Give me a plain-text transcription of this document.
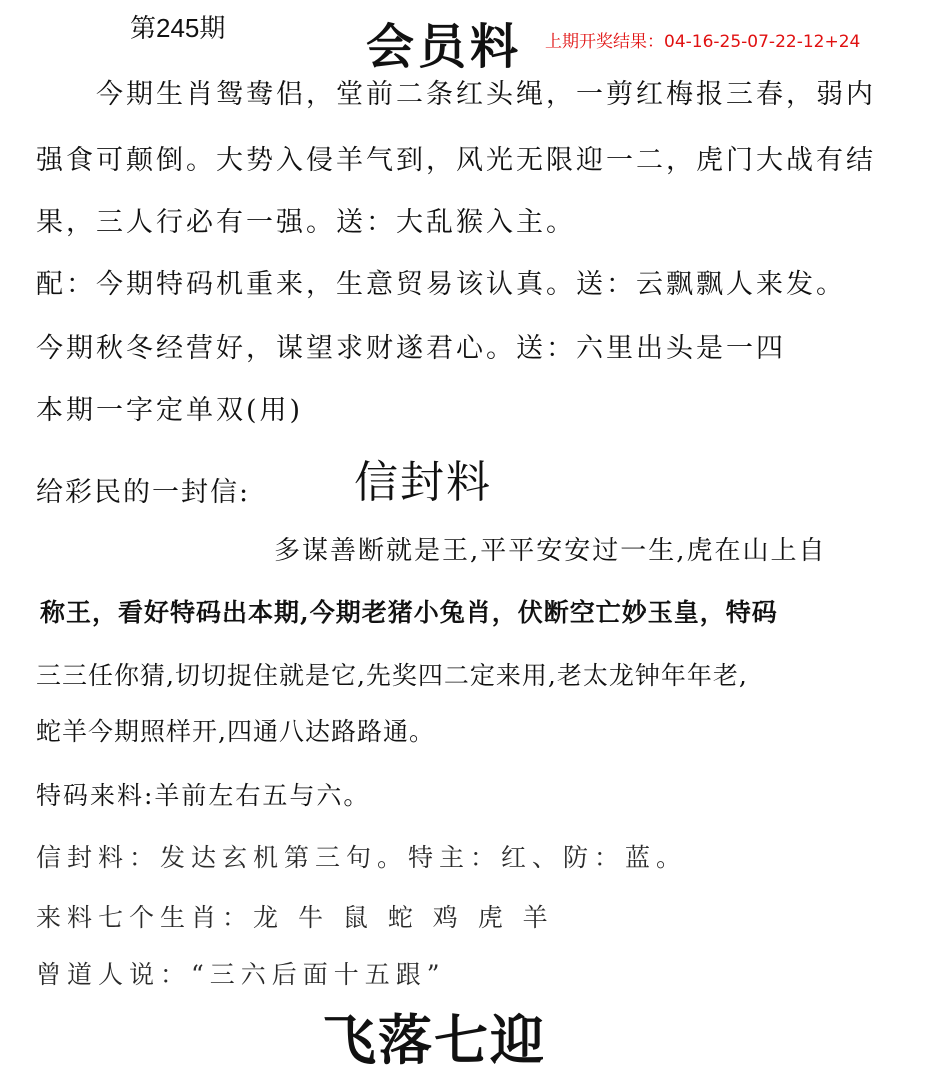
第245期	会员料 上期开奖结果：04-16-25-07-22-12+24
今期生肖鸳鸯侣，堂前二条红头绳，一剪红梅报三春，弱内
强食可颠倒。大势入侵羊气到，风光无限迎一二，虎门大战有结
果，三人行必有一强。送：大乱猴入主。
配：今期特码机重来，生意贸易该认真。送：云飘飘人来发。
今期秋冬经营好，谋望求财遂君心。送：六里出头是一四
本期一字定单双(用)
给彩民的一封信: 信封料
多谋善断就是王,平平安安过一生,虎在山上自
称王，看好特码出本期,今期老猪小兔肖，伏断空亡妙玉皇，特码
三三任你猜,切切捉住就是它,先奖四二定来用,老太龙钟年年老,
蛇羊今期照样开,四通八达路路通。
特码来料:羊前左右五与六。
信封料：发达玄机第三句。特主：红、防：蓝。
来料七个生肖：龙 牛 鼠 蛇 鸡 虎 羊
曾道人说：“三六后面十五跟”
飞落七迎
